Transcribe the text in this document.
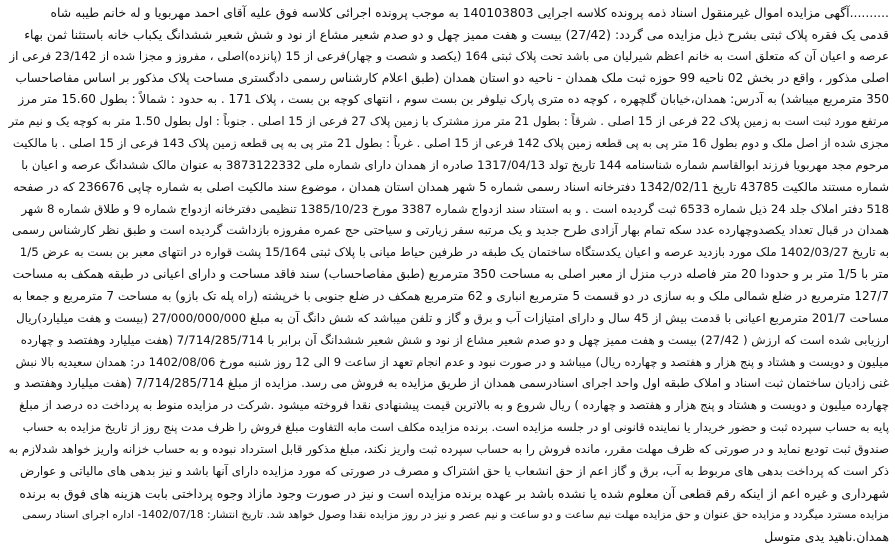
..........آگهی مزایده اموال غیرمنقول اسناد ذمه پرونده کلاسه اجرایی 140103803 به موجب پرونده اجرائی کلاسه فوق علیه آقای احمد مهربویا و له خانم طیبه شاه
قدمی یک فقره پلاک ثبتی بشرح ذیل مزایده می گردد: (27/42) بیست و هفت ممیز چهل و دو صدم شعیر مشاع از نود و شش شعیر ششدانگ یکباب خانه باستثنا ثمن بهاء
عرصه و اعیان آن که متعلق است به خانم اعظم شیرلیان می باشد تحت پلاک ثبتی 164 (یکصد و شصت و چهار)فرعی از 15 (پانزده)اصلی ، مفروز و مجزا شده از 23/142 فرعی از
اصلی مذکور ، واقع در بخش 02 ناحیه 99 حوزه ثبت ملک همدان - ناحیه دو استان همدان (طبق اعلام کارشناس رسمی دادگستری مساحت پلاک مذکور بر اساس مفاصاحساب
350 مترمربع میباشد) به آدرس: همدان،خیابان گلچهره ، کوچه ده متری پارک نیلوفر بن بست سوم ، انتهای کوچه بن بست ، پلاک 171 . به حدود : شمالاً : بطول 15.60 متر مرز
مرتفع مورد ثبت است به زمین پلاک 22 فرعی از 15 اصلی . شرقاً : بطول 21 متر مرز مشترک با زمین پلاک 27 فرعی از 15 اصلی . جنوباً : اول بطول 1.50 متر به کوچه یک و نیم متر
مجزی شده از اصل ملک و دوم بطول 16 متر پی به پی قطعه زمین پلاک 142 فرعی از 15 اصلی . غرباً : بطول 21 متر پی به پی قطعه زمین پلاک 143 فرعی از 15 اصلی . با مالکیت
مرحوم مجد مهربویا فرزند ابوالقاسم شماره شناسنامه 144 تاریخ تولد 1317/04/13 صادره از همدان دارای شماره ملی 3873122332 به عنوان مالک ششدانگ عرصه و اعیان با
شماره مستند مالکیت 43785 تاریخ 1342/02/11 دفترخانه اسناد رسمی شماره 5 شهر همدان استان همدان ، موضوع سند مالکیت اصلی به شماره چاپی 236676 که در صفحه
518 دفتر املاک جلد 24 ذیل شماره 6533 ثبت گردیده است . و به استناد سند ازدواج شماره 3387 مورخ 1385/10/23 تنظیمی دفترخانه ازدواج شماره 9 و طلاق شماره 8 شهر
همدان در قبال تعداد یکصدوچهارده عدد سکه تمام بهار آزادی طرح جدید و یک مرتبه سفر زیارتی و سیاحتی حج عمره مفروزه بازداشت گردیده است و طبق نظر کارشناس رسمی
به تاریخ 1402/03/27 ملک مورد بازدید عرصه و اعیان یکدستگاه ساختمان یک طبقه در طرفین حیاط میانی با پلاک ثبتی 15/164 پشت قواره در انتهای معبر بن بست به عرض 1/5
متر با 1/5 متر بر و حدودا 20 متر فاصله درب منزل از معبر اصلی به مساحت 350 مترمربع (طبق مفاصاحساب) سند فاقد مساحت و دارای اعیانی در طبقه همکف به مساحت
127/7 مترمربع در ضلع شمالی ملک و به سازی در دو قسمت 5 مترمربع انباری و 62 مترمربع همکف در ضلع جنوبی با خرپشته (راه پله تک بازو) به مساحت 7 مترمربع و جمعا به
مساحت 201/7 مترمربع اعیانی با قدمت بیش از 45 سال و دارای امتیازات آب و برق و گاز و تلفن میباشد که شش دانگ آن به مبلغ 27/000/000/000 (بیست و هفت میلیارد)ریال
ارزیابی شده است که ارزش ( 27/42) بیست و هفت ممیز چهل و دو صدم شعیر مشاع از نود و شش شعیر ششدانگ آن برابر با 7/714/285/714 (هفت میلیارد وهفتصد و چهارده
میلیون و دویست و هشتاد و پنج هزار و هفتصد و چهارده ریال) میباشد و در صورت نبود و عدم انجام تعهد از ساعت 9 الی 12 روز شنبه مورخ 1402/08/06 در: همدان سعیدیه بالا نبش
غنی زادیان ساختمان ثبت اسناد و املاک طبقه اول واحد اجرای اسنادرسمی همدان از طریق مزایده به فروش می رسد. مزایده از مبلغ 7/714/285/714 (هفت میلیارد وهفتصد و
چهارده میلیون و دویست و هشتاد و پنج هزار و هفتصد و چهارده ) ریال شروع و به بالاترین قیمت پیشنهادی نقدا فروخته میشود .شرکت در مزایده منوط به پرداخت ده درصد از مبلغ
پایه به حساب سپرده ثبت و حضور خریدار یا نماینده قانونی او در جلسه مزایده است. برنده مزایده مکلف است مابه التفاوت مبلغ فروش را ظرف مدت پنج روز از تاریخ مزایده به حساب
صندوق ثبت تودیع نماید و در صورتی که ظرف مهلت مقرر، مانده فروش را به حساب سپرده ثبت واریز نکند، مبلغ مذکور قابل استرداد نبوده و به حساب خزانه واریز خواهد شدلازم به
ذکر است که پرداخت بدهی های مربوط به آب، برق و گاز اعم از حق انشعاب یا حق اشتراک و مصرف در صورتی که مورد مزایده دارای آنها باشد و نیز بدهی های مالیاتی و عوارض
شهرداری و غیره اعم از اینکه رقم قطعی آن معلوم شده یا نشده باشد بر عهده برنده مزایده است و نیز در صورت وجود مازاد وجوه پرداختی بابت هزینه های فوق به برنده
مزایده مسترد میگردد و مزایده حق عنوان و حق مزایده مهلت نیم ساعت و دو ساعت و نیم عصر و نیز در روز مزایده نقدا وصول خواهد شد. تاریخ انتشار: 1402/07/18- اداره اجرای اسناد رسمی
همدان.ناهید یدی متوسل
